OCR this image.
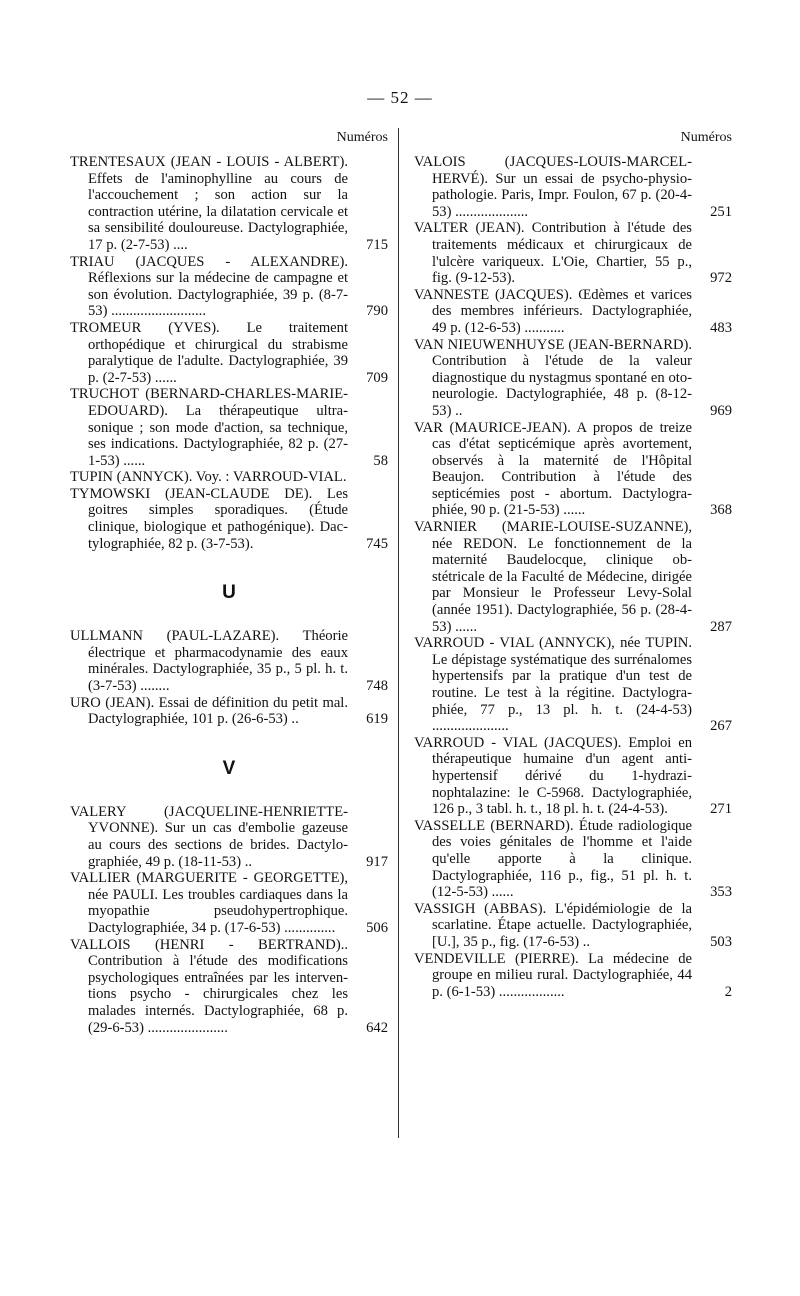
— 52 —
Numéros
TRENTESAUX (JEAN - LOUIS - ALBERT). Effets de l'aminophylline au cours de l'accouchement ; son action sur la contraction utérine, la dilatation cervicale et sa sensibilité douloureuse. Dactylographiée, 17 p. (2-7-53) ....	715
TRIAU (JACQUES - ALEXANDRE). Réflexions sur la médecine de campagne et son évolution. Dactylographiée, 39 p. (8-7-53) ..........................	790
TROMEUR (YVES). Le traitement orthopédique et chirurgical du strabisme paralytique de l'adulte. Dactylographiée, 39 p. (2-7-53) ......	709
TRUCHOT (BERNARD-CHARLES-MARIE-EDOUARD). La thérapeutique ultra-sonique ; son mode d'action, sa technique, ses indications. Dactylographiée, 82 p. (27-1-53) ......	58
TUPIN (ANNYCK). Voy. : VARROUD-VIAL.
TYMOWSKI (JEAN-CLAUDE DE). Les goitres simples sporadiques. (Étude clinique, biologique et pathogénique). Dactylographiée, 82 p. (3-7-53).	745
U
ULLMANN (PAUL-LAZARE). Théorie électrique et pharmacodynamie des eaux minérales. Dactylographiée, 35 p., 5 pl. h. t. (3-7-53) ........	748
URO (JEAN). Essai de définition du petit mal. Dactylographiée, 101 p. (26-6-53) ..	619
V
VALERY (JACQUELINE-HENRIETTE-YVONNE). Sur un cas d'embolie gazeuse au cours des sections de brides. Dactylographiée, 49 p. (18-11-53) ..	917
VALLIER (MARGUERITE - GEORGETTE), née PAULI. Les troubles cardiaques dans la myopathie pseudohypertrophique. Dactylographiée, 34 p. (17-6-53) ..............	506
VALLOIS (HENRI - BERTRAND).. Contribution à l'étude des modifications psychologiques entraînées par les interventions psycho - chirurgicales chez les malades internés. Dactylographiée, 68 p. (29-6-53) ......................	642
Numéros
VALOIS (JACQUES-LOUIS-MARCEL-HERVÉ). Sur un essai de psycho-physio-pathologie. Paris, Impr. Foulon, 67 p. (20-4-53) ....................	251
VALTER (JEAN). Contribution à l'étude des traitements médicaux et chirurgicaux de l'ulcère variqueux. L'Oie, Chartier, 55 p., fig. (9-12-53).	972
VANNESTE (JACQUES). Œdèmes et varices des membres inférieurs. Dactylographiée, 49 p. (12-6-53) ...........	483
VAN NIEUWENHUYSE (JEAN-BERNARD). Contribution à l'étude de la valeur diagnostique du nystagmus spontané en oto-neurologie. Dactylographiée, 48 p. (8-12-53) ..	969
VAR (MAURICE-JEAN). A propos de treize cas d'état septicémique après avortement, observés à la maternité de l'Hôpital Beaujon. Contribution à l'étude des septicémies post - abortum. Dactylographiée, 90 p. (21-5-53) ......	368
VARNIER (MARIE-LOUISE-SUZANNE), née REDON. Le fonctionnement de la maternité Baudelocque, clinique obstétricale de la Faculté de Médecine, dirigée par Monsieur le Professeur Levy-Solal (année 1951). Dactylographiée, 56 p. (28-4-53) ......	287
VARROUD - VIAL (ANNYCK), née TUPIN. Le dépistage systématique des surrénalomes hypertensifs par la pratique d'un test de routine. Le test à la régitine. Dactylographiée, 77 p., 13 pl. h. t. (24-4-53) .....................	267
VARROUD - VIAL (JACQUES). Emploi en thérapeutique humaine d'un agent anti-hypertensif dérivé du 1-hydrazinophtalazine: le C-5968. Dactylographiée, 126 p., 3 tabl. h. t., 18 pl. h. t. (24-4-53).	271
VASSELLE (BERNARD). Étude radiologique des voies génitales de l'homme et l'aide qu'elle apporte à la clinique. Dactylographiée, 116 p., fig., 51 pl. h. t. (12-5-53) ......	353
VASSIGH (ABBAS). L'épidémiologie de la scarlatine. Étape actuelle. Dactylographiée, [U.], 35 p., fig. (17-6-53) ..	503
VENDEVILLE (PIERRE). La médecine de groupe en milieu rural. Dactylographiée, 44 p. (6-1-53) ..................	2
